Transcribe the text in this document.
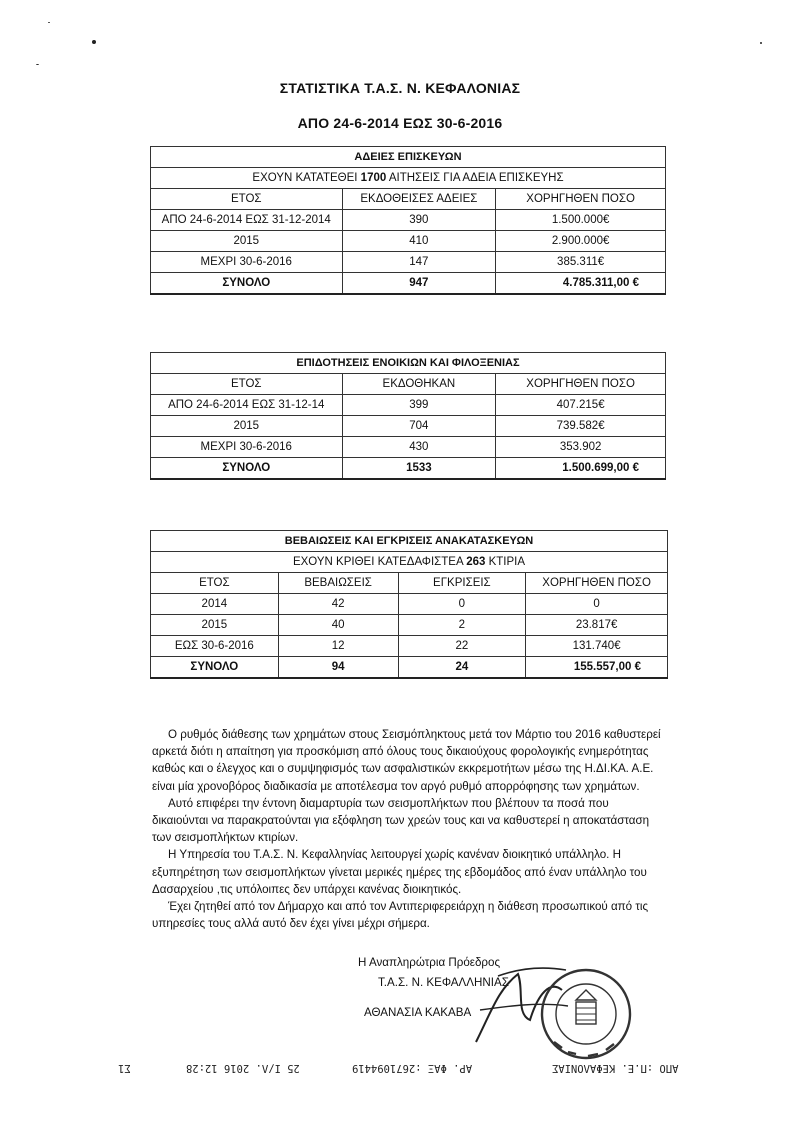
ΣΤΑΤΙΣΤΙΚΑ Τ.Α.Σ. Ν. ΚΕΦΑΛΟΝΙΑΣ
ΑΠΟ 24-6-2014 ΕΩΣ 30-6-2016
ΑΔΕΙΕΣ ΕΠΙΣΚΕΥΩΝ		
ΕΧΟΥΝ ΚΑΤΑΤΕΘΕΙ 1700 ΑΙΤΗΣΕΙΣ ΓΙΑ ΑΔΕΙΑ ΕΠΙΣΚΕΥΗΣ		
ΕΤΟΣ	ΕΚΔΟΘΕΙΣΕΣ ΑΔΕΙΕΣ	ΧΟΡΗΓΗΘΕΝ ΠΟΣΟ
ΑΠΟ 24-6-2014 ΕΩΣ 31-12-2014	390	1.500.000€
2015	410	2.900.000€
ΜΕΧΡΙ 30-6-2016	147	385.311€
ΣΥΝΟΛΟ	947	4.785.311,00 €
ΕΠΙΔΟΤΗΣΕΙΣ ΕΝΟΙΚΙΩΝ ΚΑΙ ΦΙΛΟΞΕΝΙΑΣ		
ΕΤΟΣ	ΕΚΔΟΘΗΚΑΝ	ΧΟΡΗΓΗΘΕΝ ΠΟΣΟ
ΑΠΟ 24-6-2014 ΕΩΣ 31-12-14	399	407.215€
2015	704	739.582€
ΜΕΧΡΙ 30-6-2016	430	353.902
ΣΥΝΟΛΟ	1533	1.500.699,00 €
ΒΕΒΑΙΩΣΕΙΣ ΚΑΙ ΕΓΚΡΙΣΕΙΣ ΑΝΑΚΑΤΑΣΚΕΥΩΝ			
ΕΧΟΥΝ ΚΡΙΘΕΙ ΚΑΤΕΔΑΦΙΣΤΕΑ 263 ΚΤΙΡΙΑ			
ΕΤΟΣ	ΒΕΒΑΙΩΣΕΙΣ	ΕΓΚΡΙΣΕΙΣ	ΧΟΡΗΓΗΘΕΝ ΠΟΣΟ
2014	42	0	0
2015	40	2	23.817€
ΕΩΣ 30-6-2016	12	22	131.740€
ΣΥΝΟΛΟ	94	24	155.557,00 €

Ο ρυθμός διάθεσης των χρημάτων στους Σεισμόπληκτους μετά τον Μάρτιο του 2016 καθυστερεί αρκετά διότι η απαίτηση για προσκόμιση από όλους τους δικαιούχους φορολογικής ενημερότητας καθώς και ο έλεγχος και ο συμψηφισμός των ασφαλιστικών εκκρεμοτήτων μέσω της Η.ΔΙ.ΚΑ. Α.Ε. είναι μία χρονοβόρος διαδικασία με αποτέλεσμα τον αργό ρυθμό απορρόφησης των χρημάτων.

Αυτό επιφέρει την έντονη διαμαρτυρία των σεισμοπλήκτων που βλέπουν τα ποσά που δικαιούνται να παρακρατούνται για εξόφληση των χρεών τους και να καθυστερεί η αποκατάσταση των σεισμοπλήκτων κτιρίων.

Η Υπηρεσία του Τ.Α.Σ. Ν. Κεφαλληνίας λειτουργεί χωρίς κανέναν διοικητικό υπάλληλο. Η εξυπηρέτηση των σεισμοπλήκτων γίνεται μερικές ημέρες της εβδομάδος από έναν υπάλληλο του Δασαρχείου ,τις υπόλοιπες δεν υπάρχει κανένας διοικητικός.

Έχει ζητηθεί από τον Δήμαρχο και από τον Αντιπεριφερειάρχη η διάθεση προσωπικού από τις υπηρεσίες τους αλλά αυτό δεν έχει γίνει μέχρι σήμερα.

Η Αναπληρώτρια Πρόεδρος
Τ.Α.Σ. Ν. ΚΕΦΑΛΛΗΝΙΑΣ
ΑΘΑΝΑΣΙΑ ΚΑΚΑΒΑ
ΑΠΟ :Π.Ε. ΚΕΦΑΛΟΝΙΑΣ
ΑΡ. ΦΑΞ :2671094419
25 Ι/Λ. 2016 12:28
Σ1
